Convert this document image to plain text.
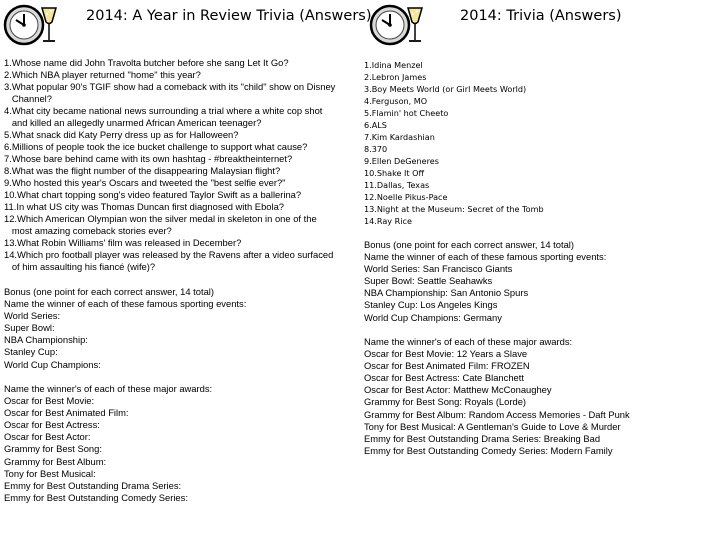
2014: A Year in Review Trivia (Answers)	2014: Trivia (Answers)
1.Whose name did John Travolta butcher before she sang Let It Go?
2.Which NBA player returned "home" this year?
3.What popular 90's TGIF show had a comeback with its "child" show on Disney
Channel?
4.What city became national news surrounding a trial where a white cop shot
and killed an allegedly unarmed African American teenager?
5.What snack did Katy Perry dress up as for Halloween?
6.Millions of people took the ice bucket challenge to support what cause?
7.Whose bare behind came with its own hashtag - #breaktheinternet?
8.What was the flight number of the disappearing Malaysian flight?
9.Who hosted this year's Oscars and tweeted the "best selfie ever?"
10.What chart topping song's video featured Taylor Swift as a ballerina?
11.In what US city was Thomas Duncan first diagnosed with Ebola?
12.Which American Olympian won the silver medal in skeleton in one of the
most amazing comeback stories ever?
13.What Robin Williams' film was released in December?
14.Which pro football player was released by the Ravens after a video surfaced
of him assaulting his fiancé (wife)?
Bonus (one point for each correct answer, 14 total)
Name the winner of each of these famous sporting events:
World Series:
Super Bowl:
NBA Championship:
Stanley Cup:
World Cup Champions:
Name the winner's of each of these major awards:
Oscar for Best Movie:
Oscar for Best Animated Film:
Oscar for Best Actress:
Oscar for Best Actor:
Grammy for Best Song:
Grammy for Best Album:
Tony for Best Musical:
Emmy for Best Outstanding Drama Series:
Emmy for Best Outstanding Comedy Series:
1.Idina Menzel
2.Lebron James
3.Boy Meets World (or Girl Meets World)
4.Ferguson, MO
5.Flamin' hot Cheeto
6.ALS
7.Kim Kardashian
8.370
9.Ellen DeGeneres
10.Shake It Off
11.Dallas, Texas
12.Noelle Pikus-Pace
13.Night at the Museum: Secret of the Tomb
14.Ray Rice
Bonus (one point for each correct answer, 14 total)
Name the winner of each of these famous sporting events:
World Series: San Francisco Giants
Super Bowl: Seattle Seahawks
NBA Championship: San Antonio Spurs
Stanley Cup: Los Angeles Kings
World Cup Champions: Germany
Name the winner's of each of these major awards:
Oscar for Best Movie: 12 Years a Slave
Oscar for Best Animated Film: FROZEN
Oscar for Best Actress: Cate Blanchett
Oscar for Best Actor: Matthew McConaughey
Grammy for Best Song: Royals (Lorde)
Grammy for Best Album: Random Access Memories - Daft Punk
Tony for Best Musical: A Gentleman's Guide to Love & Murder
Emmy for Best Outstanding Drama Series: Breaking Bad
Emmy for Best Outstanding Comedy Series: Modern Family
